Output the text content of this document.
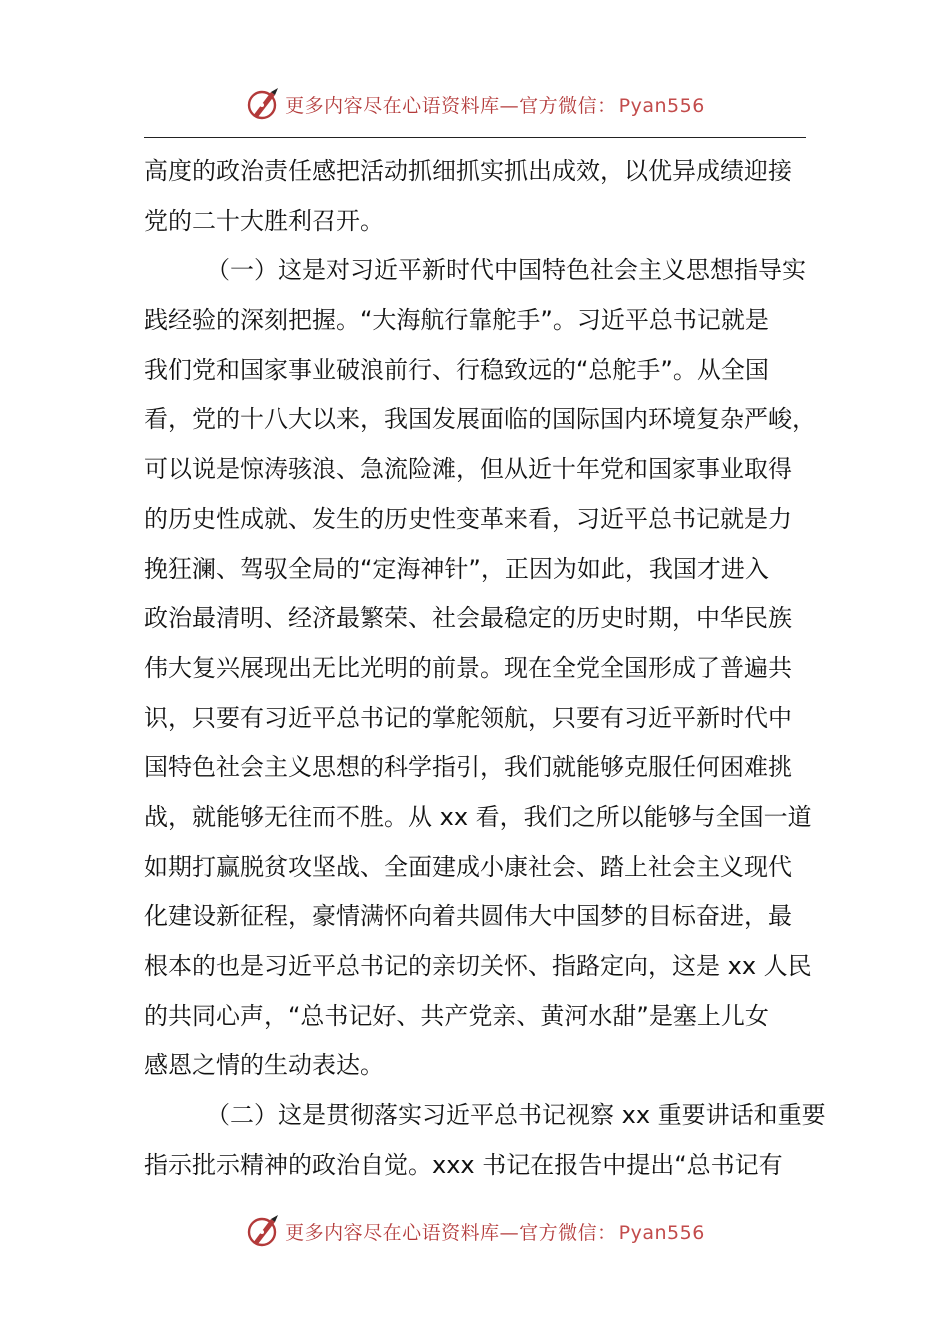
更多内容尽在心语资料库—官方微信： Pyan556
高度的政治责任感把活动抓细抓实抓出成效，以优异成绩迎接
党的二十大胜利召开。
（一）这是对习近平新时代中国特色社会主义思想指导实
践经验的深刻把握。“大海航行靠舵手”。习近平总书记就是
我们党和国家事业破浪前行、行稳致远的“总舵手”。从全国
看，党的十八大以来，我国发展面临的国际国内环境复杂严峻，
可以说是惊涛骇浪、急流险滩，但从近十年党和国家事业取得
的历史性成就、发生的历史性变革来看，习近平总书记就是力
挽狂澜、驾驭全局的“定海神针”，正因为如此，我国才进入
政治最清明、经济最繁荣、社会最稳定的历史时期，中华民族
伟大复兴展现出无比光明的前景。现在全党全国形成了普遍共
识，只要有习近平总书记的掌舵领航，只要有习近平新时代中
国特色社会主义思想的科学指引，我们就能够克服任何困难挑
战，就能够无往而不胜。从 xx 看，我们之所以能够与全国一道
如期打赢脱贫攻坚战、全面建成小康社会、踏上社会主义现代
化建设新征程，豪情满怀向着共圆伟大中国梦的目标奋进，最
根本的也是习近平总书记的亲切关怀、指路定向，这是 xx 人民
的共同心声，“总书记好、共产党亲、黄河水甜”是塞上儿女
感恩之情的生动表达。
（二）这是贯彻落实习近平总书记视察 xx 重要讲话和重要
指示批示精神的政治自觉。xxx 书记在报告中提出“总书记有
更多内容尽在心语资料库—官方微信： Pyan556
